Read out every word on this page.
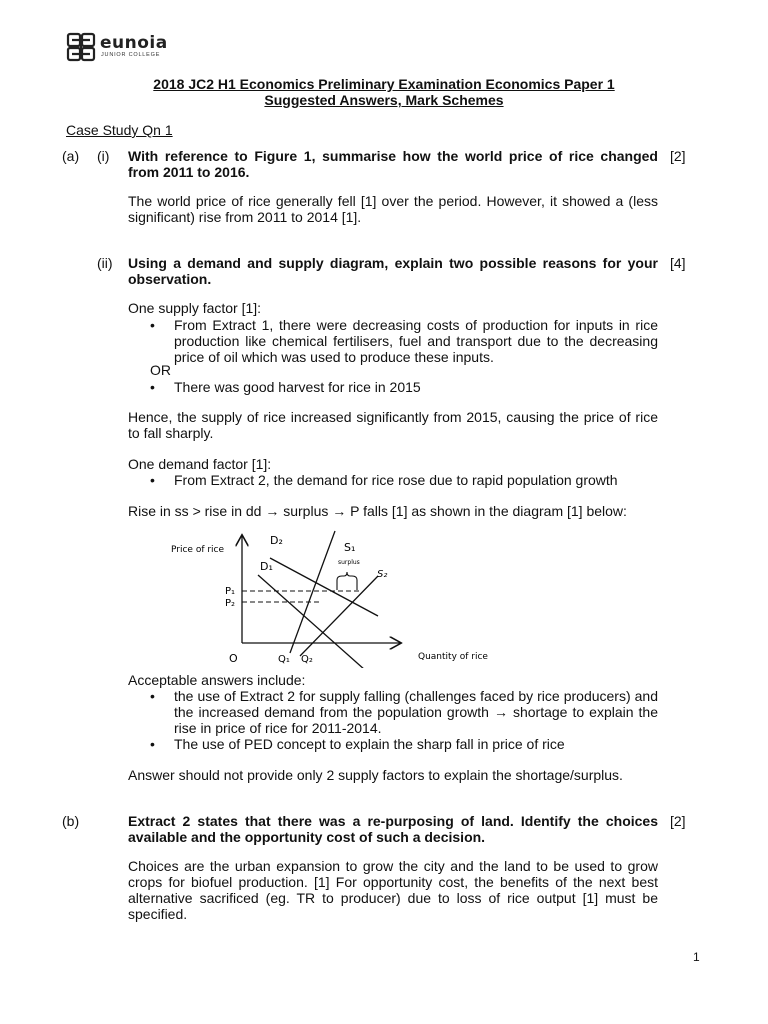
eunoia
JUNIOR COLLEGE
2018 JC2 H1 Economics Preliminary Examination Economics Paper 1
Suggested Answers, Mark Schemes
Case Study Qn 1
(a) (i) With reference to Figure 1, summarise how the world price of rice changed from 2011 to 2016.
[2]
The world price of rice generally fell [1] over the period. However, it showed a (less significant) rise from 2011 to 2014 [1].
(ii) Using a demand and supply diagram, explain two possible reasons for your observation.
[4]
One supply factor [1]:
• From Extract 1, there were decreasing costs of production for inputs in rice production like chemical fertilisers, fuel and transport due to the decreasing price of oil which was used to produce these inputs.
OR
• There was good harvest for rice in 2015
Hence, the supply of rice increased significantly from 2015, causing the price of rice to fall sharply.
One demand factor [1]:
• From Extract 2, the demand for rice rose due to rapid population growth
Rise in ss > rise in dd → surplus → P falls [1] as shown in the diagram [1] below:
Price of rice
Quantity of rice
O
D₂
D₁
S₁
S₂
surplus
P₁
P₂
Q₁ Q₂
Acceptable answers include:
• the use of Extract 2 for supply falling (challenges faced by rice producers) and the increased demand from the population growth → shortage to explain the rise in price of rice for 2011-2014.
• The use of PED concept to explain the sharp fall in price of rice
Answer should not provide only 2 supply factors to explain the shortage/surplus.
(b)	Extract 2 states that there was a re-purposing of land. Identify the choices available and the opportunity cost of such a decision.
[2]
Choices are the urban expansion to grow the city and the land to be used to grow crops for biofuel production. [1] For opportunity cost, the benefits of the next best alternative sacrificed (eg. TR to producer) due to loss of rice output [1] must be specified.
1
